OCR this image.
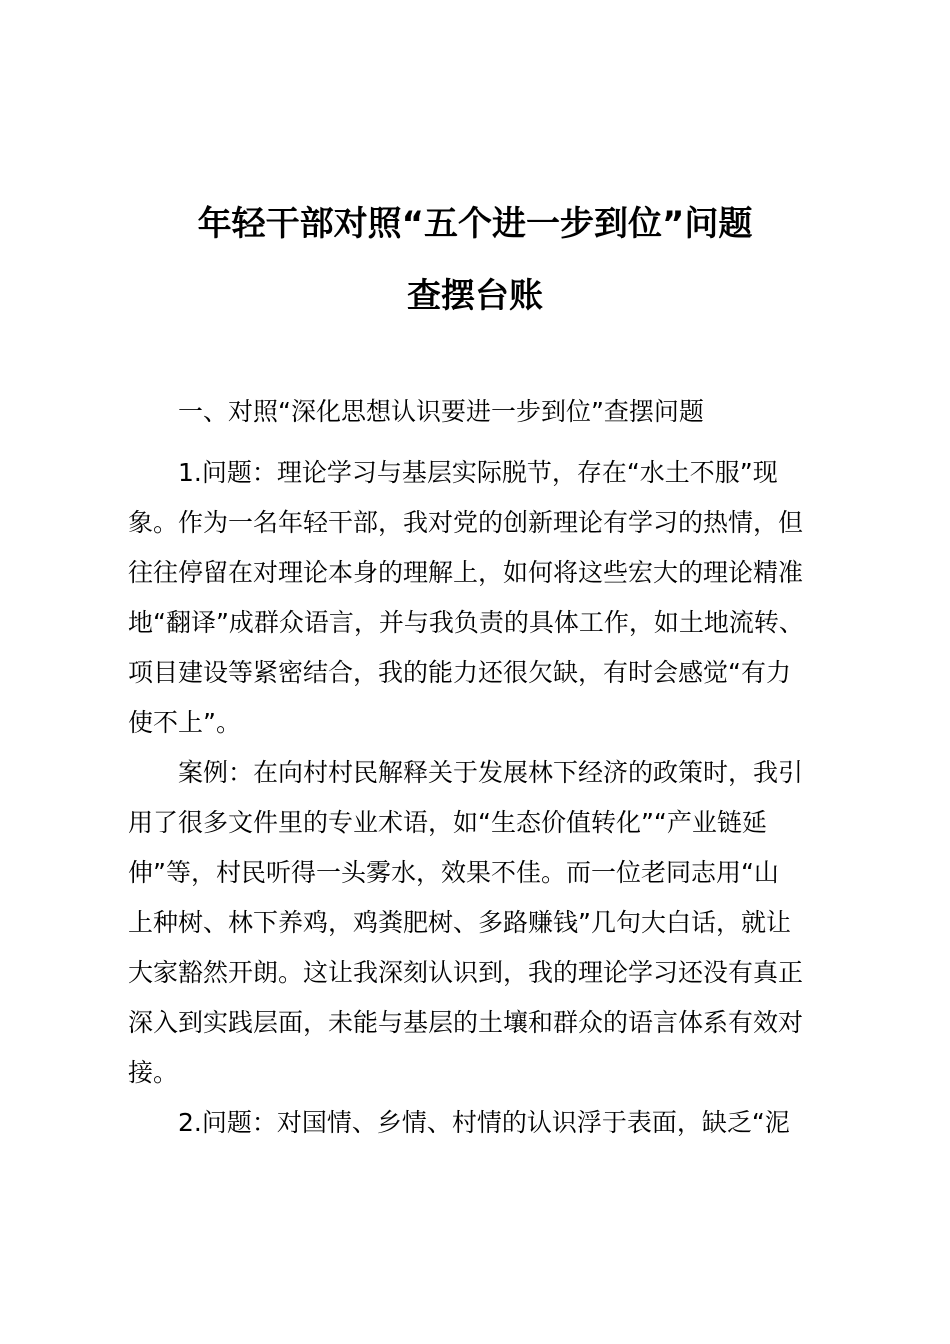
年轻干部对照“五个进一步到位”问题
查摆台账
一、对照“深化思想认识要进一步到位”查摆问题
1.问题：理论学习与基层实际脱节，存在“水土不服”现
象。作为一名年轻干部，我对党的创新理论有学习的热情，但
往往停留在对理论本身的理解上，如何将这些宏大的理论精准
地“翻译”成群众语言，并与我负责的具体工作，如土地流转、
项目建设等紧密结合，我的能力还很欠缺，有时会感觉“有力
使不上”。
案例：在向村村民解释关于发展林下经济的政策时，我引
用了很多文件里的专业术语，如“生态价值转化”“产业链延
伸”等，村民听得一头雾水，效果不佳。而一位老同志用“山
上种树、林下养鸡，鸡粪肥树、多路赚钱”几句大白话，就让
大家豁然开朗。这让我深刻认识到，我的理论学习还没有真正
深入到实践层面，未能与基层的土壤和群众的语言体系有效对
接。
2.问题：对国情、乡情、村情的认识浮于表面，缺乏“泥
